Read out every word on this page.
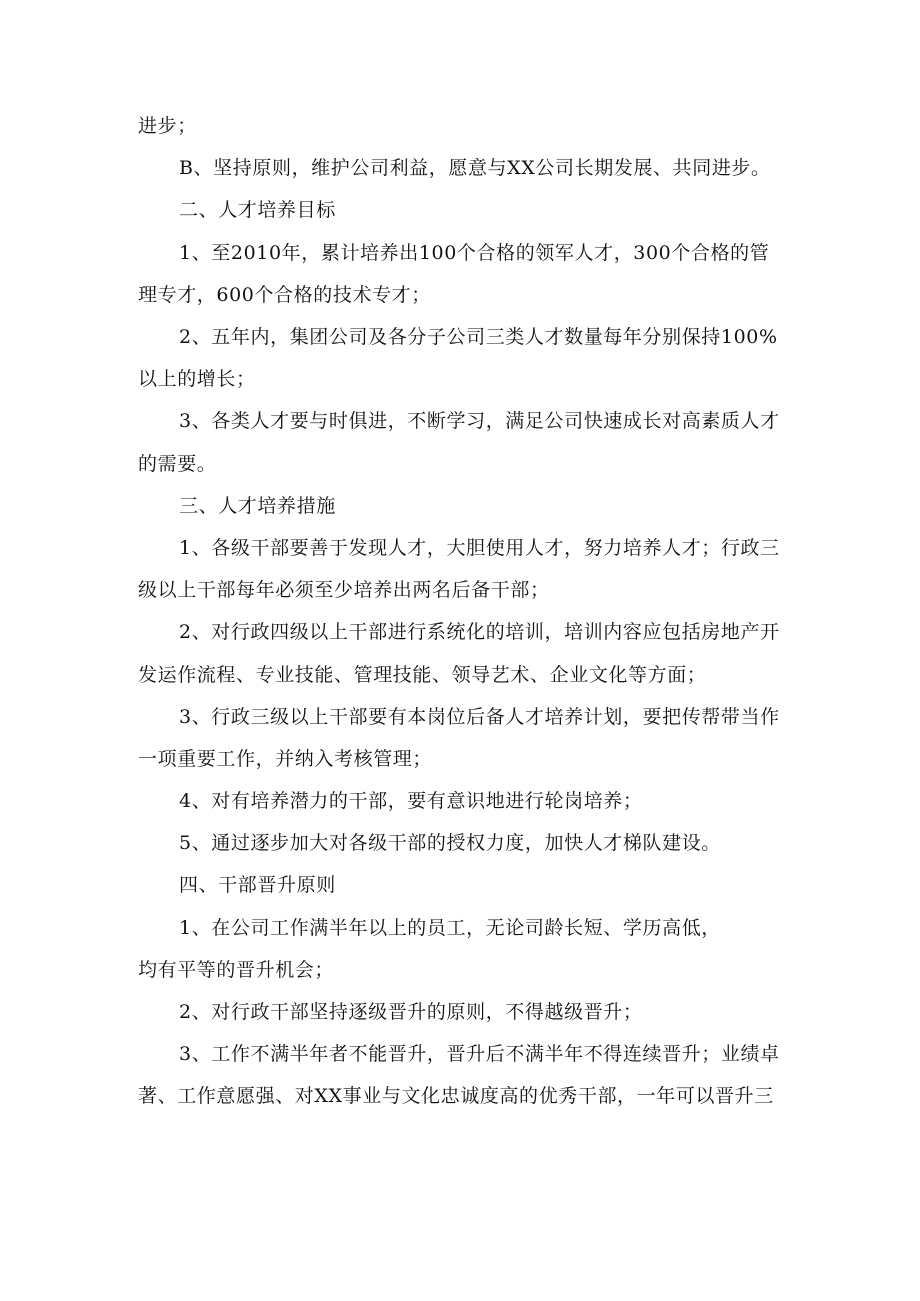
进步；
B、坚持原则，维护公司利益，愿意与XX公司长期发展、共同进步。
二、人才培养目标
1、至2010年，累计培养出100个合格的领军人才，300个合格的管
理专才，600个合格的技术专才；
2、五年内，集团公司及各分子公司三类人才数量每年分别保持100%
以上的增长；
3、各类人才要与时俱进，不断学习，满足公司快速成长对高素质人才
的需要。
三、人才培养措施
1、各级干部要善于发现人才，大胆使用人才，努力培养人才；行政三
级以上干部每年必须至少培养出两名后备干部；
2、对行政四级以上干部进行系统化的培训，培训内容应包括房地产开
发运作流程、专业技能、管理技能、领导艺术、企业文化等方面；
3、行政三级以上干部要有本岗位后备人才培养计划，要把传帮带当作
一项重要工作，并纳入考核管理；
4、对有培养潜力的干部，要有意识地进行轮岗培养；
5、通过逐步加大对各级干部的授权力度，加快人才梯队建设。
四、干部晋升原则
1、在公司工作满半年以上的员工，无论司龄长短、学历高低，
均有平等的晋升机会；
2、对行政干部坚持逐级晋升的原则，不得越级晋升；
3、工作不满半年者不能晋升，晋升后不满半年不得连续晋升；业绩卓
著、工作意愿强、对XX事业与文化忠诚度高的优秀干部，一年可以晋升三
